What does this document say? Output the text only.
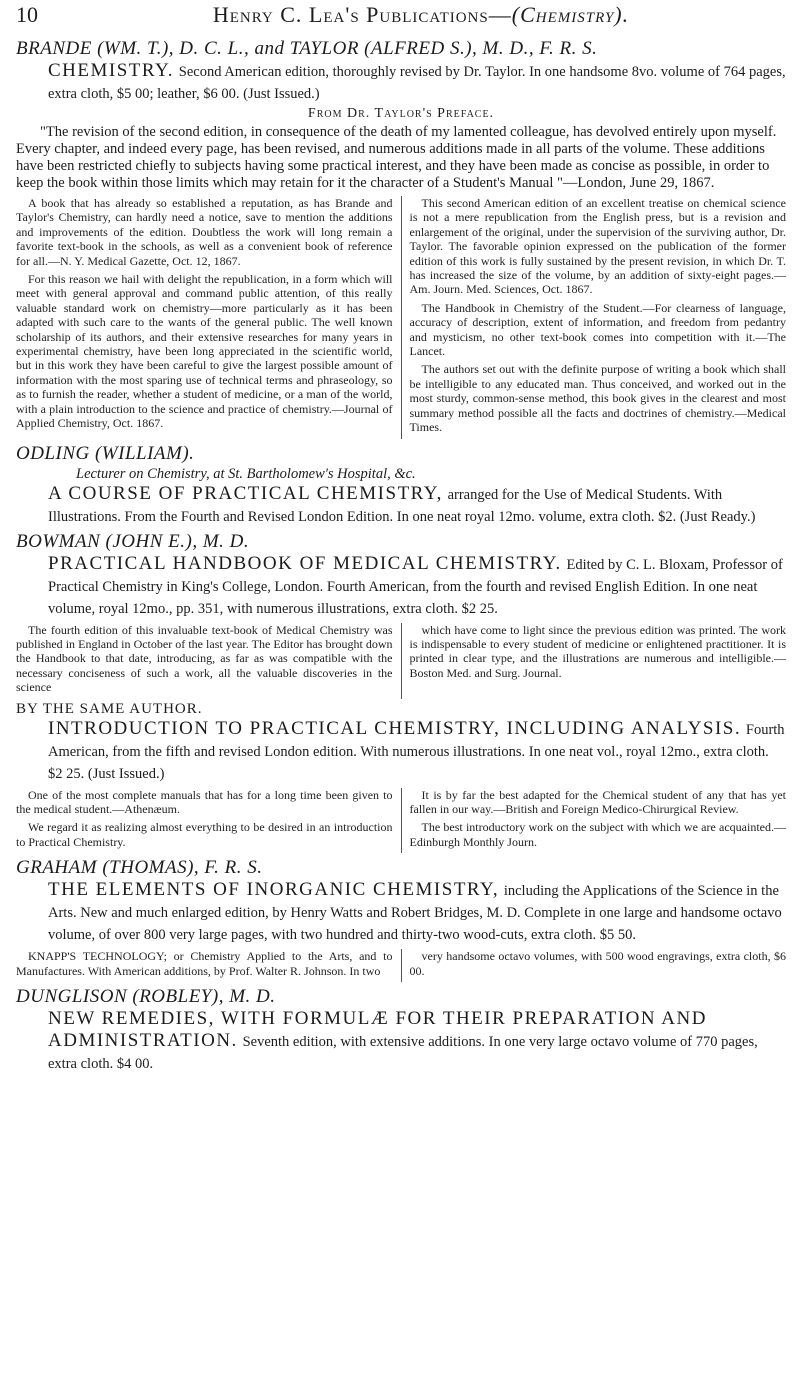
10	Henry C. Lea's Publications—(Chemistry).
BRANDE (WM. T.), D. C. L., and TAYLOR (ALFRED S.), M. D., F. R. S.
CHEMISTRY. Second American edition, thoroughly revised by Dr. Taylor. In one handsome 8vo. volume of 764 pages, extra cloth, $5 00; leather, $6 00. (Just Issued.)
From Dr. Taylor's Preface.

"The revision of the second edition, in consequence of the death of my lamented colleague, has devolved entirely upon myself. Every chapter, and indeed every page, has been revised, and numerous additions made in all parts of the volume. These additions have been restricted chiefly to subjects having some practical interest, and they have been made as concise as possible, in order to keep the book within those limits which may retain for it the character of a Student's Manual "—London, June 29, 1867.

A book that has already so established a reputation, as has Brande and Taylor's Chemistry, can hardly need a notice, save to mention the additions and improvements of the edition. Doubtless the work will long remain a favorite text-book in the schools, as well as a convenient book of reference for all.—N. Y. Medical Gazette, Oct. 12, 1867.

For this reason we hail with delight the republication, in a form which will meet with general approval and command public attention, of this really valuable standard work on chemistry—more particularly as it has been adapted with such care to the wants of the general public. The well known scholarship of its authors, and their extensive researches for many years in experimental chemistry, have been long appreciated in the scientific world, but in this work they have been careful to give the largest possible amount of information with the most sparing use of technical terms and phraseology, so as to furnish the reader, whether a student of medicine, or a man of the world, with a plain introduction to the science and practice of chemistry.—Journal of Applied Chemistry, Oct. 1867.

This second American edition of an excellent treatise on chemical science is not a mere republication from the English press, but is a revision and enlargement of the original, under the supervision of the surviving author, Dr. Taylor. The favorable opinion expressed on the publication of the former edition of this work is fully sustained by the present revision, in which Dr. T. has increased the size of the volume, by an addition of sixty-eight pages.—Am. Journ. Med. Sciences, Oct. 1867.

The Handbook in Chemistry of the Student.—For clearness of language, accuracy of description, extent of information, and freedom from pedantry and mysticism, no other text-book comes into competition with it.—The Lancet.

The authors set out with the definite purpose of writing a book which shall be intelligible to any educated man. Thus conceived, and worked out in the most sturdy, common-sense method, this book gives in the clearest and most summary method possible all the facts and doctrines of chemistry.—Medical Times.

ODLING (WILLIAM).
Lecturer on Chemistry, at St. Bartholomew's Hospital, &c.
A COURSE OF PRACTICAL CHEMISTRY, arranged for the Use of Medical Students. With Illustrations. From the Fourth and Revised London Edition. In one neat royal 12mo. volume, extra cloth. $2. (Just Ready.)
BOWMAN (JOHN E.), M. D.
PRACTICAL HANDBOOK OF MEDICAL CHEMISTRY. Edited by C. L. Bloxam, Professor of Practical Chemistry in King's College, London. Fourth American, from the fourth and revised English Edition. In one neat volume, royal 12mo., pp. 351, with numerous illustrations, extra cloth. $2 25.

The fourth edition of this invaluable text-book of Medical Chemistry was published in England in October of the last year. The Editor has brought down the Handbook to that date, introducing, as far as was compatible with the necessary conciseness of such a work, all the valuable discoveries in the science

which have come to light since the previous edition was printed. The work is indispensable to every student of medicine or enlightened practitioner. It is printed in clear type, and the illustrations are numerous and intelligible.—Boston Med. and Surg. Journal.

BY THE SAME AUTHOR.
INTRODUCTION TO PRACTICAL CHEMISTRY, INCLUDING ANALYSIS. Fourth American, from the fifth and revised London edition. With numerous illustrations. In one neat vol., royal 12mo., extra cloth. $2 25. (Just Issued.)

One of the most complete manuals that has for a long time been given to the medical student.—Athenæum.

We regard it as realizing almost everything to be desired in an introduction to Practical Chemistry.

It is by far the best adapted for the Chemical student of any that has yet fallen in our way.—British and Foreign Medico-Chirurgical Review.

The best introductory work on the subject with which we are acquainted.—Edinburgh Monthly Journ.

GRAHAM (THOMAS), F. R. S.
THE ELEMENTS OF INORGANIC CHEMISTRY, including the Applications of the Science in the Arts. New and much enlarged edition, by Henry Watts and Robert Bridges, M. D. Complete in one large and handsome octavo volume, of over 800 very large pages, with two hundred and thirty-two wood-cuts, extra cloth. $5 50.

KNAPP'S TECHNOLOGY; or Chemistry Applied to the Arts, and to Manufactures. With American additions, by Prof. Walter R. Johnson. In two

very handsome octavo volumes, with 500 wood engravings, extra cloth, $6 00.

DUNGLISON (ROBLEY), M. D.
NEW REMEDIES, WITH FORMULÆ FOR THEIR PREPARATION AND ADMINISTRATION. Seventh edition, with extensive additions. In one very large octavo volume of 770 pages, extra cloth. $4 00.
